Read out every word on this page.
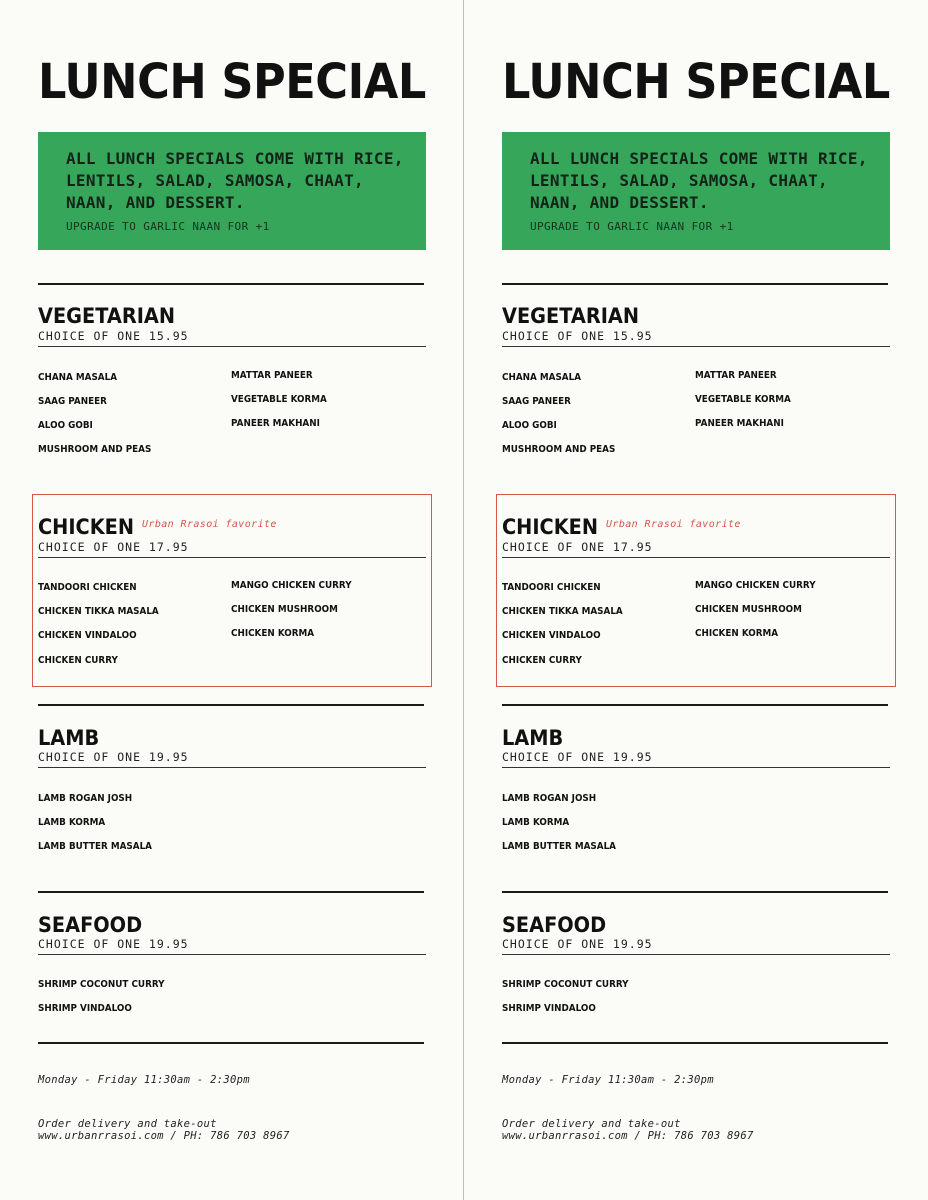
LUNCH SPECIAL
ALL LUNCH SPECIALS COME WITH RICE, LENTILS, SALAD, SAMOSA, CHAAT, NAAN, AND DESSERT.
UPGRADE TO GARLIC NAAN FOR +1
VEGETARIAN
CHOICE OF ONE 15.95
CHANA MASALA
SAAG PANEER
ALOO GOBI
MUSHROOM AND PEAS
MATTAR PANEER
VEGETABLE KORMA
PANEER MAKHANI
CHICKEN Urban Rrasoi favorite
CHOICE OF ONE 17.95
TANDOORI CHICKEN
CHICKEN TIKKA MASALA
CHICKEN VINDALOO
CHICKEN CURRY
MANGO CHICKEN CURRY
CHICKEN MUSHROOM
CHICKEN KORMA
LAMB
CHOICE OF ONE 19.95
LAMB ROGAN JOSH
LAMB KORMA
LAMB BUTTER MASALA
SEAFOOD
CHOICE OF ONE 19.95
SHRIMP COCONUT CURRY
SHRIMP VINDALOO
Monday - Friday 11:30am - 2:30pm
Order delivery and take-out
www.urbanrrasoi.com / PH: 786 703 8967
LUNCH SPECIAL
ALL LUNCH SPECIALS COME WITH RICE, LENTILS, SALAD, SAMOSA, CHAAT, NAAN, AND DESSERT.
UPGRADE TO GARLIC NAAN FOR +1
VEGETARIAN
CHOICE OF ONE 15.95
CHANA MASALA
SAAG PANEER
ALOO GOBI
MUSHROOM AND PEAS
MATTAR PANEER
VEGETABLE KORMA
PANEER MAKHANI
CHICKEN Urban Rrasoi favorite
CHOICE OF ONE 17.95
TANDOORI CHICKEN
CHICKEN TIKKA MASALA
CHICKEN VINDALOO
CHICKEN CURRY
MANGO CHICKEN CURRY
CHICKEN MUSHROOM
CHICKEN KORMA
LAMB
CHOICE OF ONE 19.95
LAMB ROGAN JOSH
LAMB KORMA
LAMB BUTTER MASALA
SEAFOOD
CHOICE OF ONE 19.95
SHRIMP COCONUT CURRY
SHRIMP VINDALOO
Monday - Friday 11:30am - 2:30pm
Order delivery and take-out
www.urbanrrasoi.com / PH: 786 703 8967
